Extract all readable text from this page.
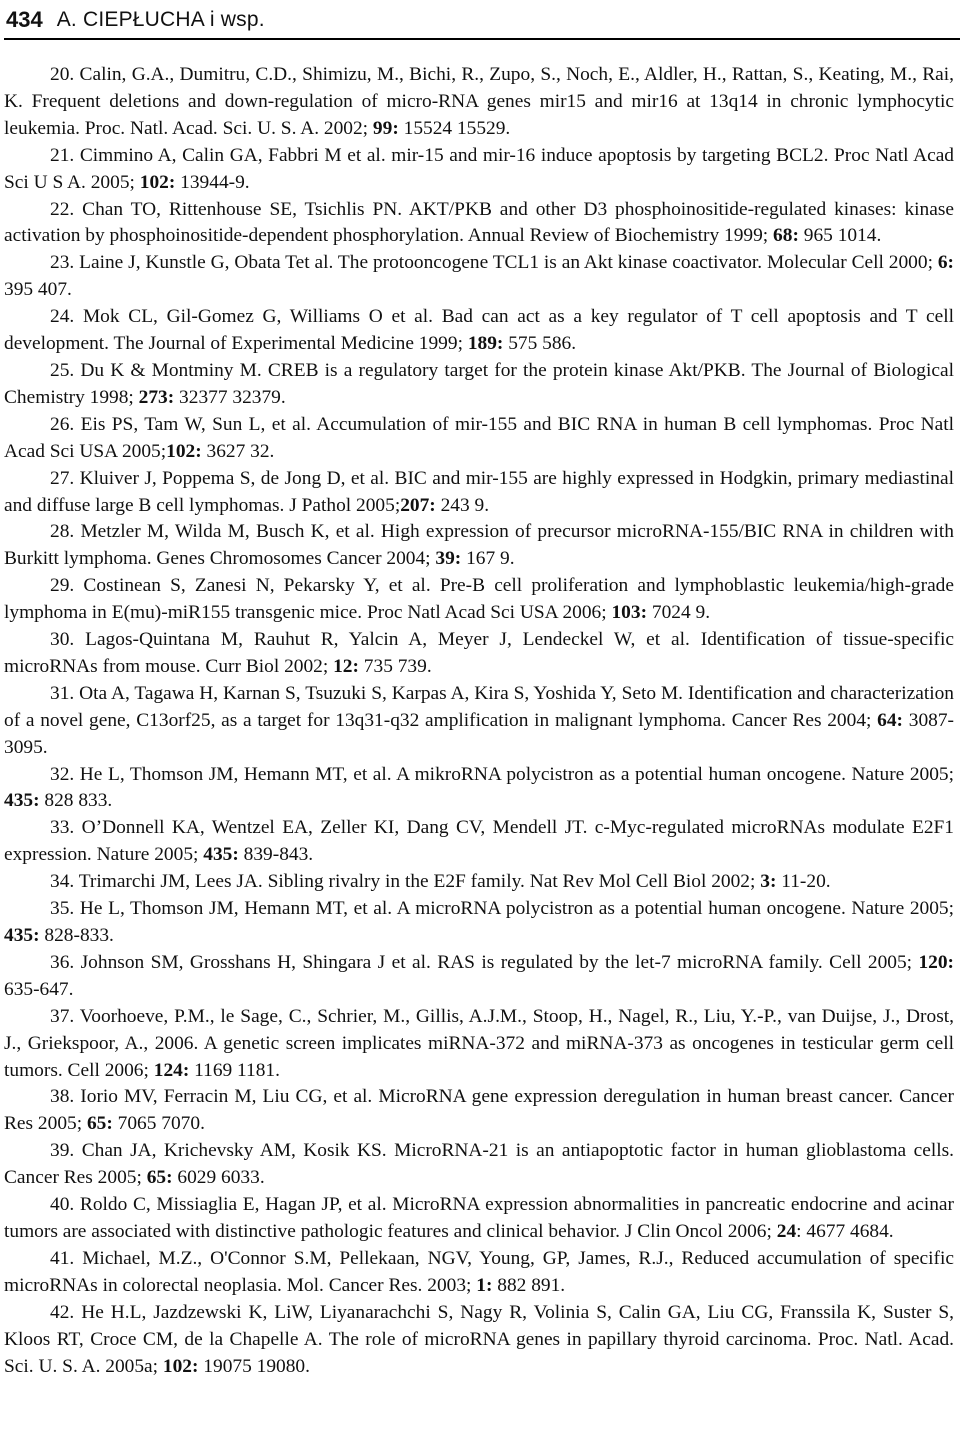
434 A. CIEPŁUCHA i wsp.

20. Calin, G.A., Dumitru, C.D., Shimizu, M., Bichi, R., Zupo, S., Noch, E., Aldler, H., Rattan, S., Keating, M., Rai, K. Frequent deletions and down-regulation of micro-RNA genes mir15 and mir16 at 13q14 in chronic lymphocytic leukemia. Proc. Natl. Acad. Sci. U. S. A. 2002; 99: 15524 15529.

21. Cimmino A, Calin GA, Fabbri M et al. mir-15 and mir-16 induce apoptosis by targeting BCL2. Proc Natl Acad Sci U S A. 2005; 102: 13944-9.

22. Chan TO, Rittenhouse SE, Tsichlis PN. AKT/PKB and other D3 phosphoinositide-regulated kinases: kinase activation by phosphoinositide-dependent phosphorylation. Annual Review of Biochemistry 1999; 68: 965 1014.

23. Laine J, Kunstle G, Obata Tet al. The protooncogene TCL1 is an Akt kinase coactivator. Molecular Cell 2000; 6: 395 407.

24. Mok CL, Gil-Gomez G, Williams O et al. Bad can act as a key regulator of T cell apoptosis and T cell development. The Journal of Experimental Medicine 1999; 189: 575 586.

25. Du K & Montminy M. CREB is a regulatory target for the protein kinase Akt/PKB. The Journal of Biological Chemistry 1998; 273: 32377 32379.

26. Eis PS, Tam W, Sun L, et al. Accumulation of mir-155 and BIC RNA in human B cell lymphomas. Proc Natl Acad Sci USA 2005;102: 3627 32.

27. Kluiver J, Poppema S, de Jong D, et al. BIC and mir-155 are highly expressed in Hodgkin, primary mediastinal and diffuse large B cell lymphomas. J Pathol 2005;207: 243 9.

28. Metzler M, Wilda M, Busch K, et al. High expression of precursor microRNA-155/BIC RNA in children with Burkitt lymphoma. Genes Chromosomes Cancer 2004; 39: 167 9.

29. Costinean S, Zanesi N, Pekarsky Y, et al. Pre-B cell proliferation and lymphoblastic leukemia/high-grade lymphoma in E(mu)-miR155 transgenic mice. Proc Natl Acad Sci USA 2006; 103: 7024 9.

30. Lagos-Quintana M, Rauhut R, Yalcin A, Meyer J, Lendeckel W, et al. Identification of tissue-specific microRNAs from mouse. Curr Biol 2002; 12: 735 739.

31. Ota A, Tagawa H, Karnan S, Tsuzuki S, Karpas A, Kira S, Yoshida Y, Seto M. Identification and characterization of a novel gene, C13orf25, as a target for 13q31-q32 amplification in malignant lymphoma. Cancer Res 2004; 64: 3087-3095.

32. He L, Thomson JM, Hemann MT, et al. A mikroRNA polycistron as a potential human oncogene. Nature 2005; 435: 828 833.

33. O’Donnell KA, Wentzel EA, Zeller KI, Dang CV, Mendell JT. c-Myc-regulated microRNAs modulate E2F1 expression. Nature 2005; 435: 839-843.

34. Trimarchi JM, Lees JA. Sibling rivalry in the E2F family. Nat Rev Mol Cell Biol 2002; 3: 11-20.

35. He L, Thomson JM, Hemann MT, et al. A microRNA polycistron as a potential human oncogene. Nature 2005; 435: 828-833.

36. Johnson SM, Grosshans H, Shingara J et al. RAS is regulated by the let-7 microRNA family. Cell 2005; 120: 635-647.

37. Voorhoeve, P.M., le Sage, C., Schrier, M., Gillis, A.J.M., Stoop, H., Nagel, R., Liu, Y.-P., van Duijse, J., Drost, J., Griekspoor, A., 2006. A genetic screen implicates miRNA-372 and miRNA-373 as oncogenes in testicular germ cell tumors. Cell 2006; 124: 1169 1181.

38. Iorio MV, Ferracin M, Liu CG, et al. MicroRNA gene expression deregulation in human breast cancer. Cancer Res 2005; 65: 7065 7070.

39. Chan JA, Krichevsky AM, Kosik KS. MicroRNA-21 is an antiapoptotic factor in human glioblastoma cells. Cancer Res 2005; 65: 6029 6033.

40. Roldo C, Missiaglia E, Hagan JP, et al. MicroRNA expression abnormalities in pancreatic endocrine and acinar tumors are associated with distinctive pathologic features and clinical behavior. J Clin Oncol 2006; 24: 4677 4684.

41. Michael, M.Z., O'Connor S.M, Pellekaan, NGV, Young, GP, James, R.J., Reduced accumulation of specific microRNAs in colorectal neoplasia. Mol. Cancer Res. 2003; 1: 882 891.

42. He H.L, Jazdzewski K, LiW, Liyanarachchi S, Nagy R, Volinia S, Calin GA, Liu CG, Franssila K, Suster S, Kloos RT, Croce CM, de la Chapelle A. The role of microRNA genes in papillary thyroid carcinoma. Proc. Natl. Acad. Sci. U. S. A. 2005a; 102: 19075 19080.
